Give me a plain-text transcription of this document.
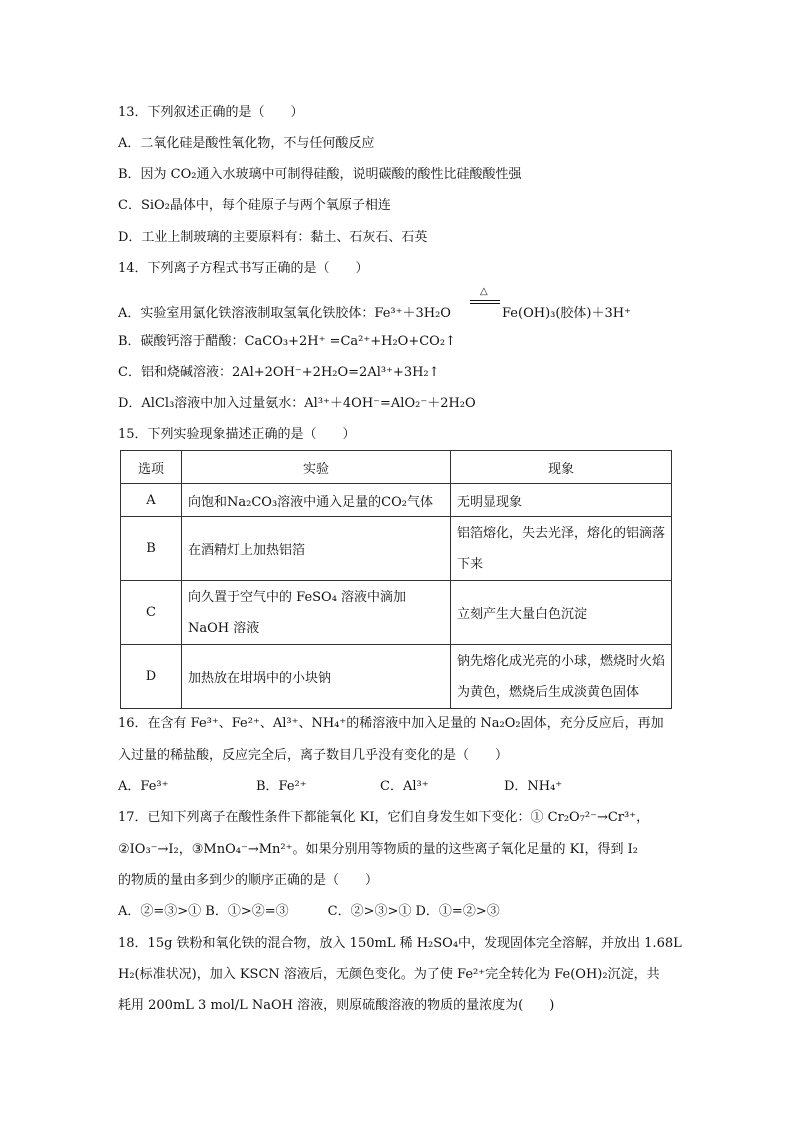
13．下列叙述正确的是（　　）
A．二氧化硅是酸性氧化物，不与任何酸反应
B．因为 CO₂通入水玻璃中可制得硅酸，说明碳酸的酸性比硅酸酸性强
C．SiO₂晶体中，每个硅原子与两个氧原子相连
D．工业上制玻璃的主要原料有：黏土、石灰石、石英
14．下列离子方程式书写正确的是（　　）
A．实验室用氯化铁溶液制取氢氧化铁胶体：Fe³⁺＋3H₂O
△
Fe(OH)₃(胶体)＋3H⁺
B．碳酸钙溶于醋酸：CaCO₃+2H⁺ =Ca²⁺+H₂O+CO₂↑
C．铝和烧碱溶液：2Al+2OH⁻+2H₂O=2Al³⁺+3H₂↑
D．AlCl₃溶液中加入过量氨水：Al³⁺＋4OH⁻=AlO₂⁻＋2H₂O
15．下列实验现象描述正确的是（　　）
选项	实验	现象
A	向饱和Na₂CO₃溶液中通入足量的CO₂气体	无明显现象
B	在酒精灯上加热铝箔	铝箔熔化，失去光泽，熔化的铝滴落下来
C	向久置于空气中的 FeSO₄ 溶液中滴加 NaOH 溶液	立刻产生大量白色沉淀
D	加热放在坩埚中的小块钠	钠先熔化成光亮的小球，燃烧时火焰为黄色，燃烧后生成淡黄色固体
16．在含有 Fe³⁺、Fe²⁺、Al³⁺、NH₄⁺的稀溶液中加入足量的 Na₂O₂固体，充分反应后，再加
入过量的稀盐酸，反应完全后，离子数目几乎没有变化的是（　　）
A．Fe³⁺	B．Fe²⁺	C．Al³⁺	D．NH₄⁺
17．已知下列离子在酸性条件下都能氧化 KI，它们自身发生如下变化：① Cr₂O₇²⁻→Cr³⁺，
②IO₃⁻→I₂，③MnO₄⁻→Mn²⁺。如果分别用等物质的量的这些离子氧化足量的 KI，得到 I₂
的物质的量由多到少的顺序正确的是（　　）
A．②=③>① B．①>②=③　　　C．②>③>① D．①=②>③
18．15g 铁粉和氧化铁的混合物，放入 150mL 稀 H₂SO₄中，发现固体完全溶解，并放出 1.68L
H₂(标准状况)，加入 KSCN 溶液后，无颜色变化。为了使 Fe²⁺完全转化为 Fe(OH)₂沉淀，共
耗用 200mL 3 mol/L NaOH 溶液，则原硫酸溶液的物质的量浓度为(　　)
